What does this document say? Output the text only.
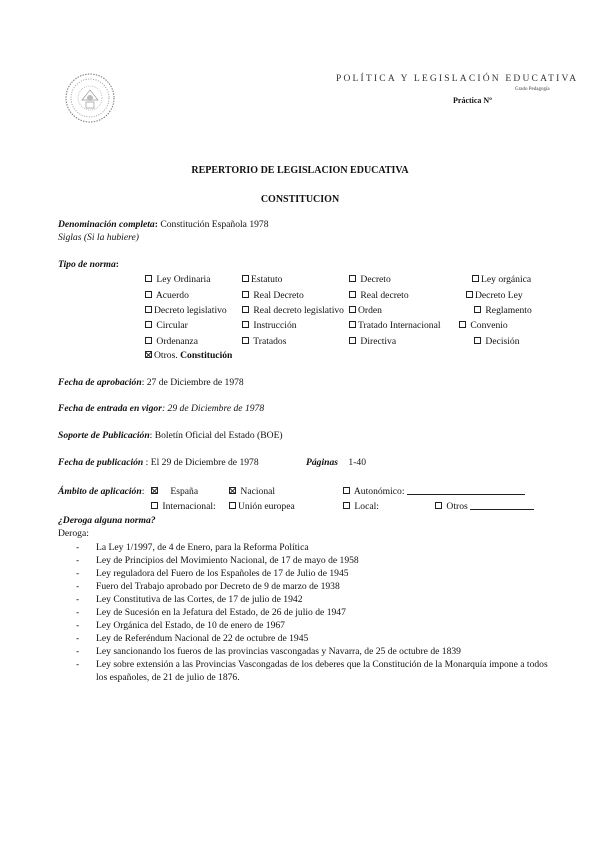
POLÍTICA Y LEGISLACIÓN EDUCATIVA
Grado Pedagogía
Práctica Nº
REPERTORIO DE LEGISLACION EDUCATIVA
CONSTITUCION
Denominación completa: Constitución Española 1978
Siglas (Si la hubiere)
Tipo de norma:
Ley Ordinaria	Estatuto	Decreto	Ley orgánica
Acuerdo	Real Decreto	Real decreto	Decreto Ley
Decreto legislativo	Real decreto legislativo	Orden	Reglamento
Circular	Instrucción	Tratado Internacional	Convenio
Ordenanza	Tratados	Directiva	Decisión
Otros. Constitución
Fecha de aprobación: 27 de Diciembre de 1978
Fecha de entrada en vigor: 29 de Diciembre de 1978
Soporte de Publicación: Boletín Oficial del Estado (BOE)
Fecha de publicación : El 29 de Diciembre de 1978	Páginas 1-40
Ámbito de aplicación:	España	Nacional	Autonómico:
Internacional:	Unión europea	Local:	Otros
¿Deroga alguna norma?
Deroga:
- La Ley 1/1997, de 4 de Enero, para la Reforma Política
- Ley de Principios del Movimiento Nacional, de 17 de mayo de 1958
- Ley reguladora del Fuero de los Españoles de 17 de Julio de 1945
- Fuero del Trabajo aprobado por Decreto de 9 de marzo de 1938
- Ley Constitutiva de las Cortes, de 17 de julio de 1942
- Ley de Sucesión en la Jefatura del Estado, de 26 de julio de 1947
- Ley Orgánica del Estado, de 10 de enero de 1967
- Ley de Referéndum Nacional de 22 de octubre de 1945
- Ley sancionando los fueros de las provincias vascongadas y Navarra, de 25 de octubre de 1839
- Ley sobre extensión a las Provincias Vascongadas de los deberes que la Constitución de la Monarquía impone a todos los españoles, de 21 de julio de 1876.
